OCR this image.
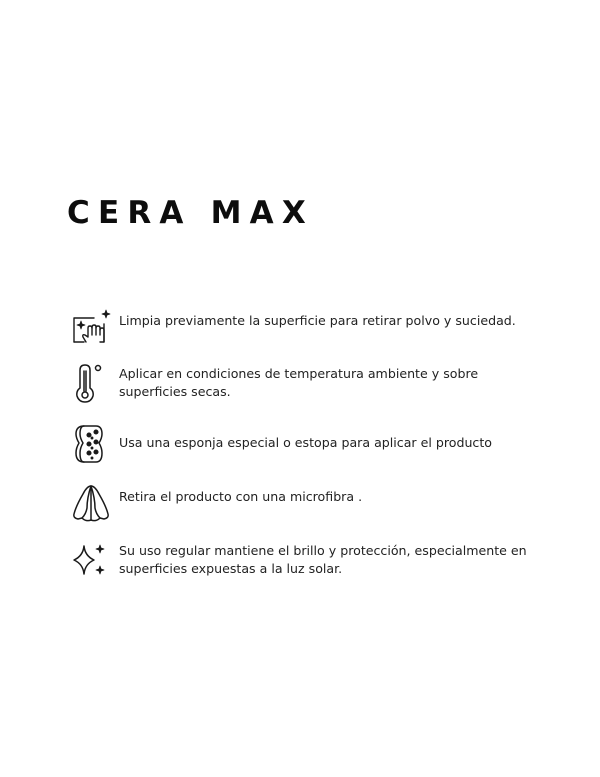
CERA MAX
Limpia previamente la superficie para retirar polvo y suciedad.
Aplicar en condiciones de temperatura ambiente y sobre superficies secas.
Usa una esponja especial o estopa para aplicar el producto
Retira el producto con una microfibra .
Su uso regular mantiene el brillo y protección, especialmente en superficies expuestas a la luz solar.
